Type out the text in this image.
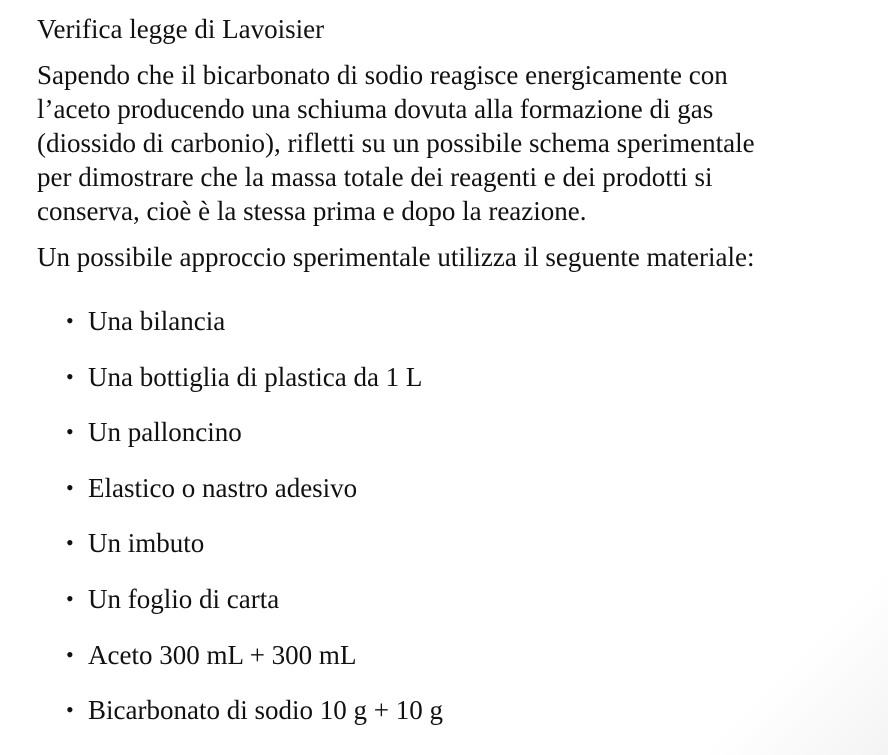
Verifica legge di Lavoisier
Sapendo che il bicarbonato di sodio reagisce energicamente con
l’aceto producendo una schiuma dovuta alla formazione di gas
(diossido di carbonio), rifletti su un possibile schema sperimentale
per dimostrare che la massa totale dei reagenti e dei prodotti si
conserva, cioè è la stessa prima e dopo la reazione.

Un possibile approccio sperimentale utilizza il seguente materiale:

• Una bilancia
• Una bottiglia di plastica da 1 L
• Un palloncino
• Elastico o nastro adesivo
• Un imbuto
• Un foglio di carta
• Aceto 300 mL + 300 mL
• Bicarbonato di sodio 10 g + 10 g
